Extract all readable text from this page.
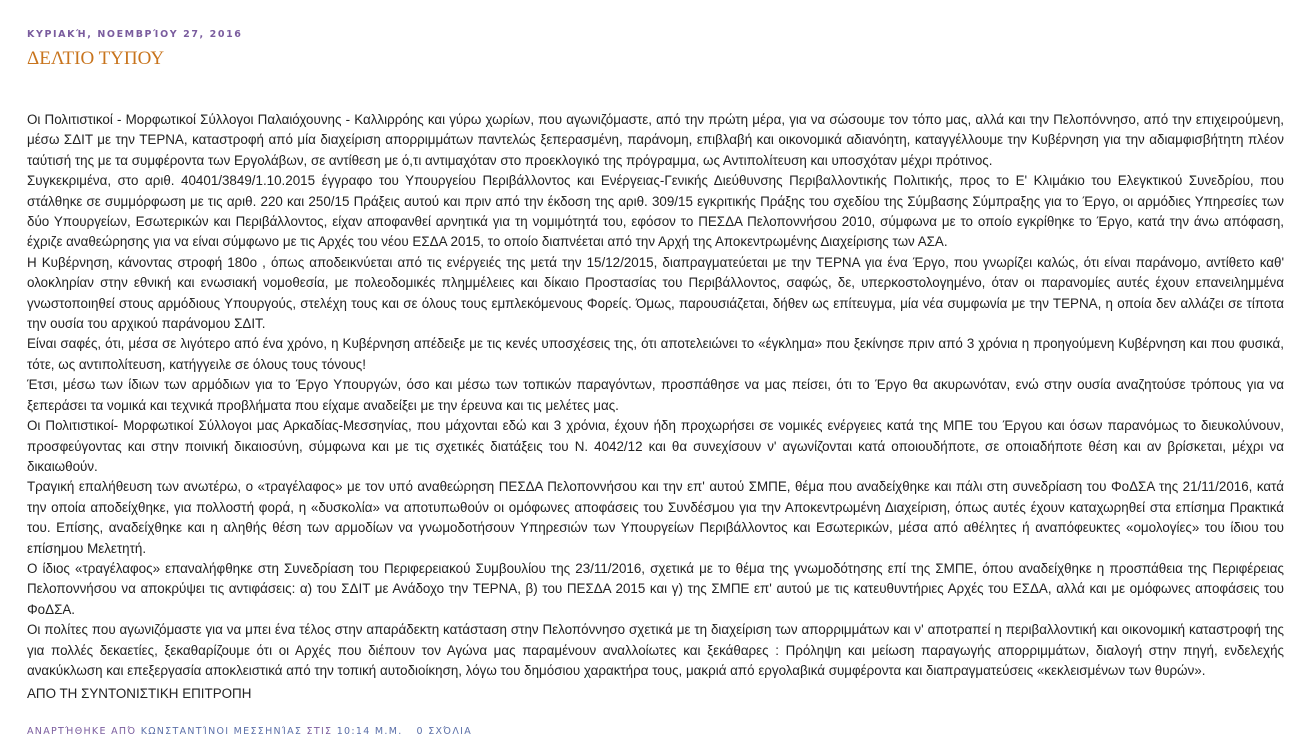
ΚΥΡΙΑΚΉ, ΝΟΕΜΒΡΊΟΥ 27, 2016
ΔΕΛΤΙΟ ΤΥΠΟΥ

Οι Πολιτιστικοί - Μορφωτικοί Σύλλογοι Παλαιόχουνης - Καλλιρρόης και γύρω χωρίων, που αγωνιζόμαστε, από την πρώτη μέρα, για να σώσουμε τον τόπο μας, αλλά και την Πελοπόννησο, από την επιχειρούμενη, μέσω ΣΔΙΤ με την ΤΕΡΝΑ, καταστροφή από μία διαχείριση απορριμμάτων παντελώς ξεπερασμένη, παράνομη, επιβλαβή και οικονομικά αδιανόητη, καταγγέλλουμε την Κυβέρνηση για την αδιαμφισβήτητη πλέον ταύτισή της με τα συμφέροντα των Εργολάβων, σε αντίθεση με ό,τι αντιμαχόταν στο προεκλογικό της πρόγραμμα, ως Αντιπολίτευση και υποσχόταν μέχρι πρότινος.

Συγκεκριμένα, στο αριθ. 40401/3849/1.10.2015 έγγραφο του Υπουργείου Περιβάλλοντος και Ενέργειας-Γενικής Διεύθυνσης Περιβαλλοντικής Πολιτικής, προς το Ε' Κλιμάκιο του Ελεγκτικού Συνεδρίου, που στάλθηκε σε συμμόρφωση με τις αριθ. 220 και 250/15 Πράξεις αυτού και πριν από την έκδοση της αριθ. 309/15 εγκριτικής Πράξης του σχεδίου της Σύμβασης Σύμπραξης για το Έργο, οι αρμόδιες Υπηρεσίες των δύο Υπουργείων, Εσωτερικών και Περιβάλλοντος, είχαν αποφανθεί αρνητικά για τη νομιμότητά του, εφόσον το ΠΕΣΔΑ Πελοποννήσου 2010, σύμφωνα με το οποίο εγκρίθηκε το Έργο, κατά την άνω απόφαση, έχριζε αναθεώρησης για να είναι σύμφωνο με τις Αρχές του νέου ΕΣΔΑ 2015, το οποίο διαπνέεται από την Αρχή της Αποκεντρωμένης Διαχείρισης των ΑΣΑ.

Η Κυβέρνηση, κάνοντας στροφή 180ο , όπως αποδεικνύεται από τις ενέργειές της μετά την 15/12/2015, διαπραγματεύεται με την ΤΕΡΝΑ για ένα Έργο, που γνωρίζει καλώς, ότι είναι παράνομο, αντίθετο καθ' ολοκληρίαν στην εθνική και ενωσιακή νομοθεσία, με πολεοδομικές πλημμέλειες και δίκαιο Προστασίας του Περιβάλλοντος, σαφώς, δε, υπερκοστολογημένο, όταν οι παρανομίες αυτές έχουν επανειλημμένα γνωστοποιηθεί στους αρμόδιους Υπουργούς, στελέχη τους και σε όλους τους εμπλεκόμενους Φορείς. Όμως, παρουσιάζεται, δήθεν ως επίτευγμα, μία νέα συμφωνία με την ΤΕΡΝΑ, η οποία δεν αλλάζει σε τίποτα την ουσία του αρχικού παράνομου ΣΔΙΤ.

Είναι σαφές, ότι, μέσα σε λιγότερο από ένα χρόνο, η Κυβέρνηση απέδειξε με τις κενές υποσχέσεις της, ότι αποτελειώνει το «έγκλημα» που ξεκίνησε πριν από 3 χρόνια η προηγούμενη Κυβέρνηση και που φυσικά, τότε, ως αντιπολίτευση, κατήγγειλε σε όλους τους τόνους!

Έτσι, μέσω των ίδιων των αρμόδιων για το Έργο Υπουργών, όσο και μέσω των τοπικών παραγόντων, προσπάθησε να μας πείσει, ότι το Έργο θα ακυρωνόταν, ενώ στην ουσία αναζητούσε τρόπους για να ξεπεράσει τα νομικά και τεχνικά προβλήματα που είχαμε αναδείξει με την έρευνα και τις μελέτες μας.

Οι Πολιτιστικοί- Μορφωτικοί Σύλλογοι μας Αρκαδίας-Μεσσηνίας, που μάχονται εδώ και 3 χρόνια, έχουν ήδη προχωρήσει σε νομικές ενέργειες κατά της ΜΠΕ του Έργου και όσων παρανόμως το διευκολύνουν, προσφεύγοντας και στην ποινική δικαιοσύνη, σύμφωνα και με τις σχετικές διατάξεις του Ν. 4042/12 και θα συνεχίσουν ν' αγωνίζονται κατά οποιουδήποτε, σε οποιαδήποτε θέση και αν βρίσκεται, μέχρι να δικαιωθούν.

Τραγική επαλήθευση των ανωτέρω, ο «τραγέλαφος» με τον υπό αναθεώρηση ΠΕΣΔΑ Πελοποννήσου και την επ' αυτού ΣΜΠΕ, θέμα που αναδείχθηκε και πάλι στη συνεδρίαση του ΦοΔΣΑ της 21/11/2016, κατά την οποία αποδείχθηκε, για πολλοστή φορά, η «δυσκολία» να αποτυπωθούν οι ομόφωνες αποφάσεις του Συνδέσμου για την Αποκεντρωμένη Διαχείριση, όπως αυτές έχουν καταχωρηθεί στα επίσημα Πρακτικά του. Επίσης, αναδείχθηκε και η αληθής θέση των αρμοδίων να γνωμοδοτήσουν Υπηρεσιών των Υπουργείων Περιβάλλοντος και Εσωτερικών, μέσα από αθέλητες ή αναπόφευκτες «ομολογίες» του ίδιου του επίσημου Μελετητή.

Ο ίδιος «τραγέλαφος» επαναλήφθηκε στη Συνεδρίαση του Περιφερειακού Συμβουλίου της 23/11/2016, σχετικά με το θέμα της γνωμοδότησης επί της ΣΜΠΕ, όπου αναδείχθηκε η προσπάθεια της Περιφέρειας Πελοποννήσου να αποκρύψει τις αντιφάσεις: α) του ΣΔΙΤ με Ανάδοχο την ΤΕΡΝΑ, β) του ΠΕΣΔΑ 2015 και γ) της ΣΜΠΕ επ' αυτού με τις κατευθυντήριες Αρχές του ΕΣΔΑ, αλλά και με ομόφωνες αποφάσεις του ΦοΔΣΑ.

Οι πολίτες που αγωνιζόμαστε για να μπει ένα τέλος στην απαράδεκτη κατάσταση στην Πελοπόννησο σχετικά με τη διαχείριση των απορριμμάτων και ν' αποτραπεί η περιβαλλοντική και οικονομική καταστροφή της για πολλές δεκαετίες, ξεκαθαρίζουμε ότι οι Αρχές που διέπουν τον Αγώνα μας παραμένουν αναλλοίωτες και ξεκάθαρες : Πρόληψη και μείωση παραγωγής απορριμμάτων, διαλογή στην πηγή, ενδελεχής ανακύκλωση και επεξεργασία αποκλειστικά από την τοπική αυτοδιοίκηση, λόγω του δημόσιου χαρακτήρα τους, μακριά από εργολαβικά συμφέροντα και διαπραγματεύσεις «κεκλεισμένων των θυρών».

ΑΠΟ ΤΗ ΣΥΝΤΟΝΙΣΤΙΚΗ ΕΠΙΤΡΟΠΗ

ΑΝΑΡΤΉΘΗΚΕ ΑΠΌ ΚΩΝΣΤΑΝΤΊΝΟΙ ΜΕΣΣΗΝΊΑΣ ΣΤΙΣ 10:14 Μ.Μ. 0 ΣΧΌΛΙΑ
